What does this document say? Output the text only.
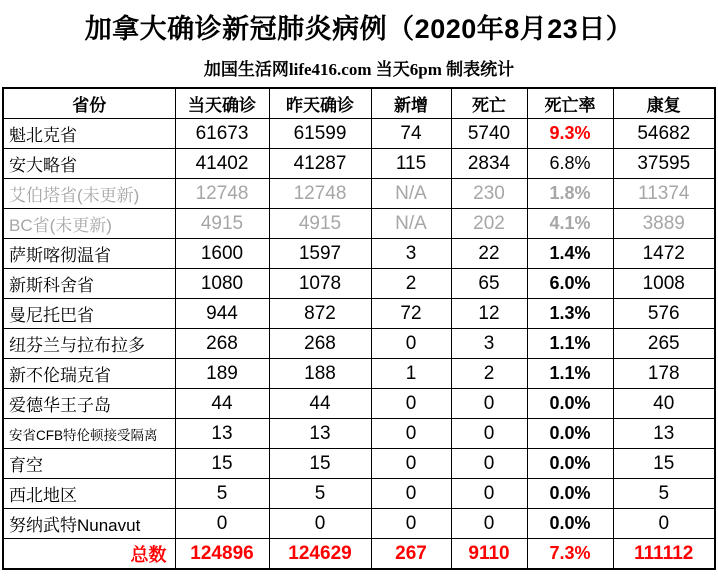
加拿大确诊新冠肺炎病例（2020年8月23日）
加国生活网life416.com 当天6pm 制表统计
省份	当天确诊	昨天确诊	新增	死亡	死亡率	康复
魁北克省	61673	61599	74	5740	9.3%	54682
安大略省	41402	41287	115	2834	6.8%	37595
艾伯塔省(未更新)	12748	12748	N/A	230	1.8%	11374
BC省(未更新)	4915	4915	N/A	202	4.1%	3889
萨斯喀彻温省	1600	1597	3	22	1.4%	1472
新斯科舍省	1080	1078	2	65	6.0%	1008
曼尼托巴省	944	872	72	12	1.3%	576
纽芬兰与拉布拉多	268	268	0	3	1.1%	265
新不伦瑞克省	189	188	1	2	1.1%	178
爱德华王子岛	44	44	0	0	0.0%	40
安省CFB特伦顿接受隔离	13	13	0	0	0.0%	13
育空	15	15	0	0	0.0%	15
西北地区	5	5	0	0	0.0%	5
努纳武特Nunavut	0	0	0	0	0.0%	0
总数	124896	124629	267	9110	7.3%	111112
